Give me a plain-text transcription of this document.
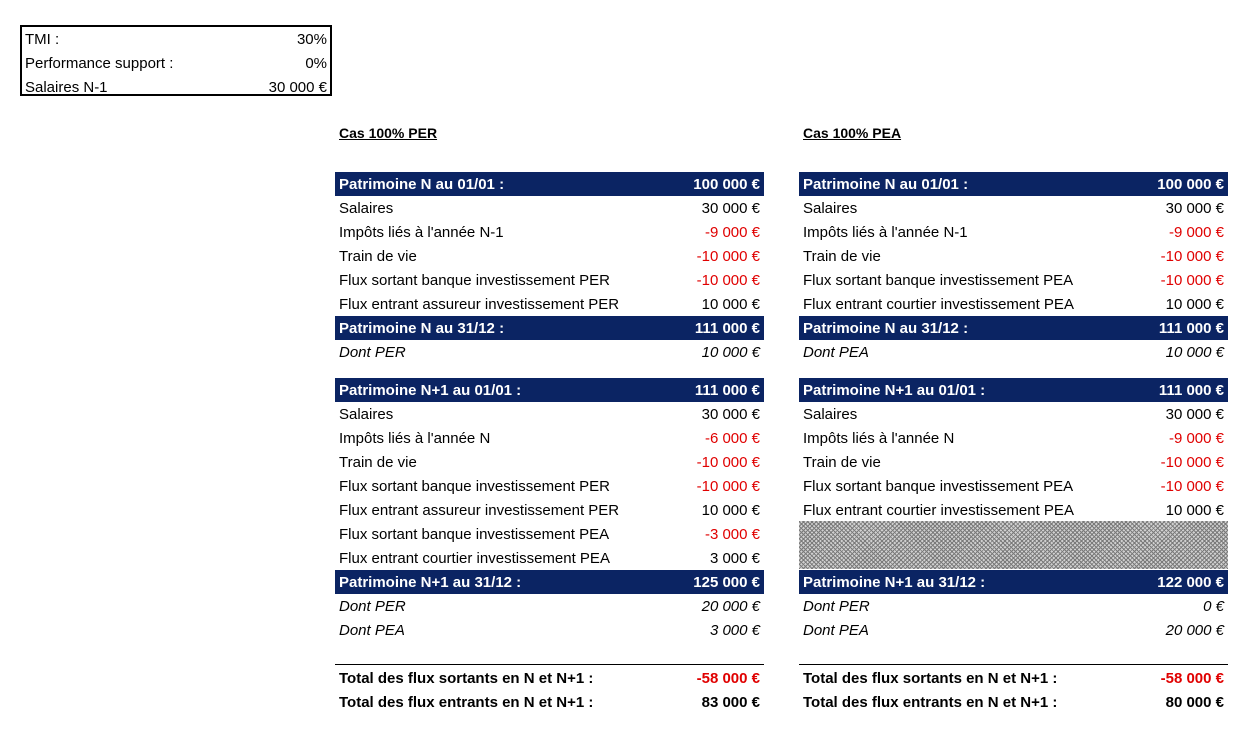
TMI :	30%
Performance support :	0%
Salaires N-1	30 000 €
Cas 100% PER
Patrimoine N au 01/01 :	100 000 €
Salaires	30 000 €
Impôts liés à l'année N-1	-9 000 €
Train de vie	-10 000 €
Flux sortant banque investissement PER	-10 000 €
Flux entrant assureur investissement PER	10 000 €
Patrimoine N au 31/12 :	111 000 €
Dont PER	10 000 €
Patrimoine N+1 au 01/01 :	111 000 €
Salaires	30 000 €
Impôts liés à l'année N	-6 000 €
Train de vie	-10 000 €
Flux sortant banque investissement PER	-10 000 €
Flux entrant assureur investissement PER	10 000 €
Flux sortant banque investissement PEA	-3 000 €
Flux entrant courtier investissement PEA	3 000 €
Patrimoine N+1 au 31/12 :	125 000 €
Dont PER	20 000 €
Dont PEA	3 000 €
Total des flux sortants en N et N+1 :	-58 000 €
Total des flux entrants en N et N+1 :	83 000 €
Cas 100% PEA
Patrimoine N au 01/01 :	100 000 €
Salaires	30 000 €
Impôts liés à l'année N-1	-9 000 €
Train de vie	-10 000 €
Flux sortant banque investissement PEA	-10 000 €
Flux entrant courtier investissement PEA	10 000 €
Patrimoine N au 31/12 :	111 000 €
Dont PEA	10 000 €
Patrimoine N+1 au 01/01 :	111 000 €
Salaires	30 000 €
Impôts liés à l'année N	-9 000 €
Train de vie	-10 000 €
Flux sortant banque investissement PEA	-10 000 €
Flux entrant courtier investissement PEA	10 000 €
Patrimoine N+1 au 31/12 :	122 000 €
Dont PER	0 €
Dont PEA	20 000 €
Total des flux sortants en N et N+1 :	-58 000 €
Total des flux entrants en N et N+1 :	80 000 €
